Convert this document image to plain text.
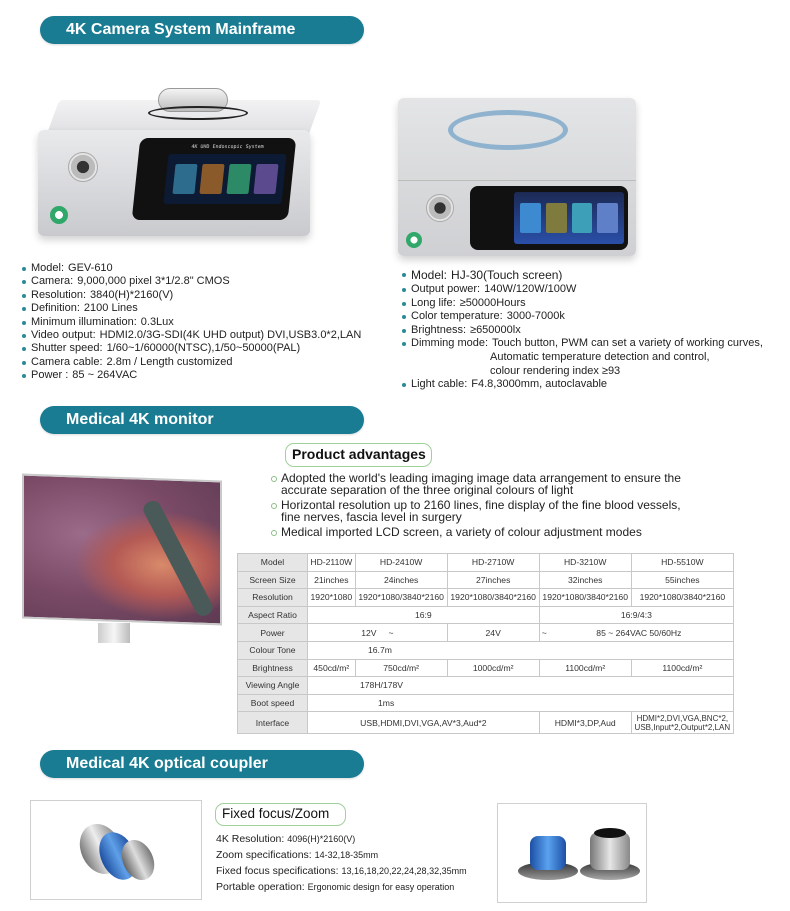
4K Camera System Mainframe
4K UHD Endoscopic System
Model: GEV-610
Camera: 9,000,000 pixel 3*1/2.8" CMOS
Resolution: 3840(H)*2160(V)
Definition: 2100 Lines
Minimum illumination: 0.3Lux
Video output: HDMI2.0/3G-SDI(4K UHD output) DVI,USB3.0*2,LAN
Shutter speed: 1/60~1/60000(NTSC),1/50~50000(PAL)
Camera cable: 2.8m / Length customized
Power : 85 ~ 264VAC
Model: HJ-30(Touch screen)
Output power: 140W/120W/100W
Long life: ≥50000Hours
Color temperature: 3000-7000k
Brightness: ≥650000lx
Dimming mode: Touch button, PWM can set a variety of working curves,
Automatic temperature detection and control,
colour rendering index ≥93
Light cable: F4.8,3000mm, autoclavable
Medical 4K monitor
Product advantages
Adopted the world's leading imaging image data arrangement to ensure the accurate separation of the three original colours of light
Horizontal resolution up to 2160 lines, fine display of the fine blood vessels, fine nerves, fascia level in surgery
Medical imported LCD screen, a variety of colour adjustment modes
Model	HD-2110W	HD-2410W	HD-2710W	HD-3210W	HD-5510W
Screen Size	21inches	24inches	27inches	32inches	55inches
Resolution	1920*1080	1920*1080/3840*2160	1920*1080/3840*2160	1920*1080/3840*2160	1920*1080/3840*2160
Aspect Ratio	16:9			16:9/4:3	
Power	12V ~		24V	~ 85 ~ 264VAC 50/60Hz	
Colour Tone	16.7m				
Brightness	450cd/m²	750cd/m²	1000cd/m²	1100cd/m²	1100cd/m²
Viewing Angle	178H/178V				
Boot speed	1ms				
Interface	USB,HDMI,DVI,VGA,AV*3,Aud*2			HDMI*3,DP,Aud	HDMI*2,DVI,VGA,BNC*2,
USB,Input*2,Output*2,LAN
Medical 4K optical coupler
Fixed focus/Zoom
4K Resolution: 4096(H)*2160(V)
Zoom specifications: 14-32,18-35mm
Fixed focus specifications: 13,16,18,20,22,24,28,32,35mm
Portable operation: Ergonomic design for easy operation
